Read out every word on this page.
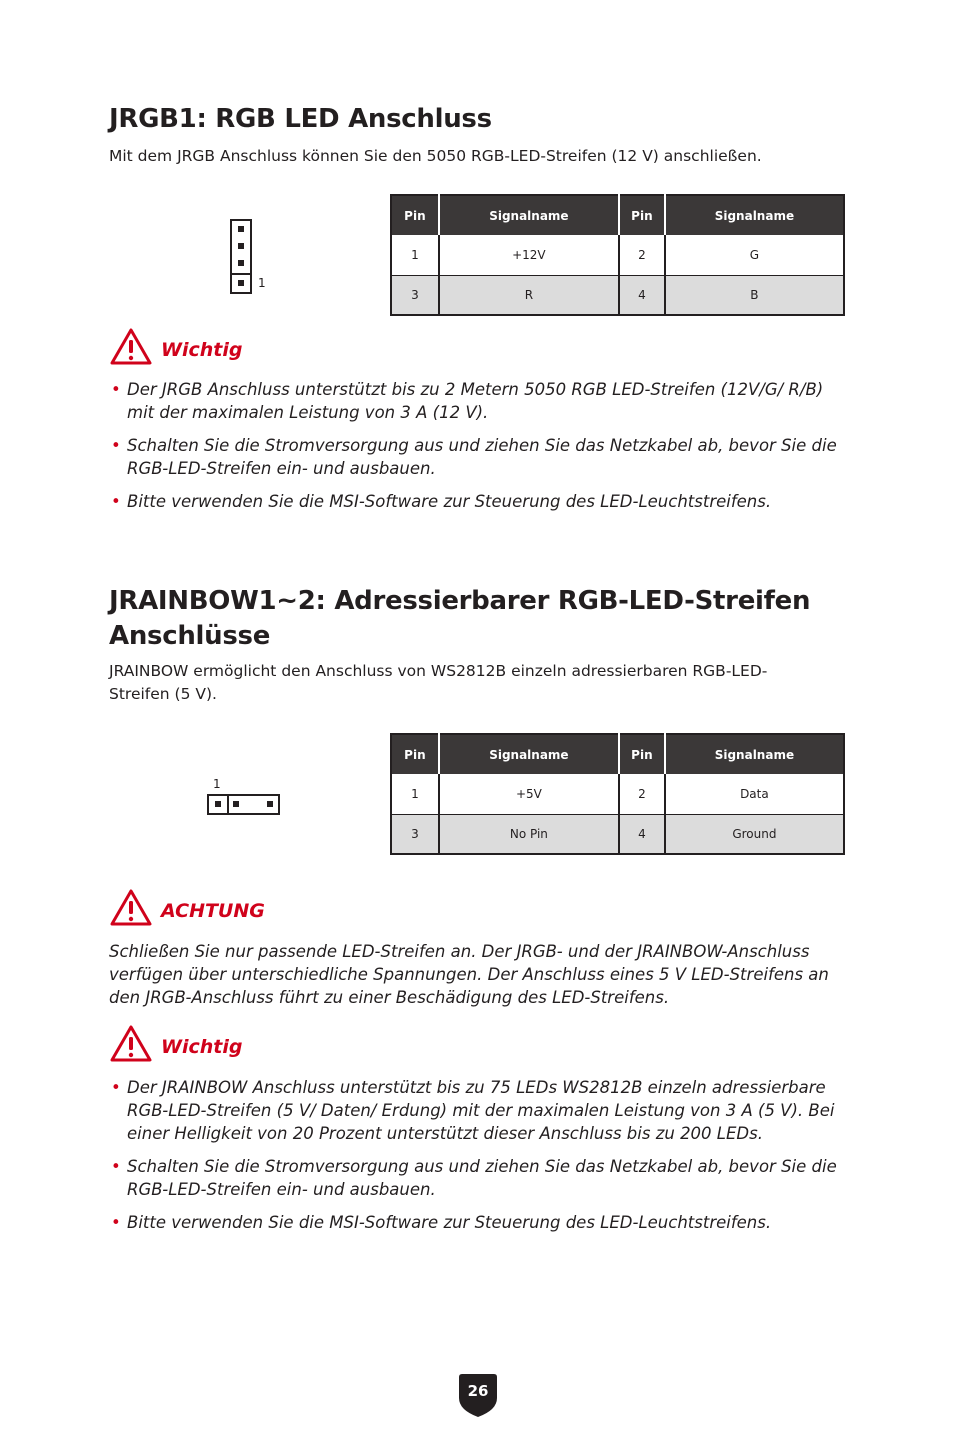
JRGB1: RGB LED Anschluss

Mit dem JRGB Anschluss können Sie den 5050 RGB-LED-Streifen (12 V) anschließen.

1
Pin	Signalname	Pin	Signalname
1	+12V	2	G
3	R	4	B
Wichtig
• Der JRGB Anschluss unterstützt bis zu 2 Metern 5050 RGB LED-Streifen (12V/G/ R/B) mit der maximalen Leistung von 3 A (12 V).
• Schalten Sie die Stromversorgung aus und ziehen Sie das Netzkabel ab, bevor Sie die RGB-LED-Streifen ein- und ausbauen.
• Bitte verwenden Sie die MSI-Software zur Steuerung des LED-Leuchtstreifens.
JRAINBOW1~2: Adressierbarer RGB-LED-Streifen
Anschlüsse

JRAINBOW ermöglicht den Anschluss von WS2812B einzeln adressierbaren RGB-LED-Streifen (5 V).

1
Pin	Signalname	Pin	Signalname
1	+5V	2	Data
3	No Pin	4	Ground
ACHTUNG

Schließen Sie nur passende LED-Streifen an. Der JRGB- und der JRAINBOW-Anschluss verfügen über unterschiedliche Spannungen. Der Anschluss eines 5 V LED-Streifens an den JRGB-Anschluss führt zu einer Beschädigung des LED-Streifens.

Wichtig
• Der JRAINBOW Anschluss unterstützt bis zu 75 LEDs WS2812B einzeln adressierbare RGB-LED-Streifen (5 V/ Daten/ Erdung) mit der maximalen Leistung von 3 A (5 V). Bei einer Helligkeit von 20 Prozent unterstützt dieser Anschluss bis zu 200 LEDs.
• Schalten Sie die Stromversorgung aus und ziehen Sie das Netzkabel ab, bevor Sie die RGB-LED-Streifen ein- und ausbauen.
• Bitte verwenden Sie die MSI-Software zur Steuerung des LED-Leuchtstreifens.
26
